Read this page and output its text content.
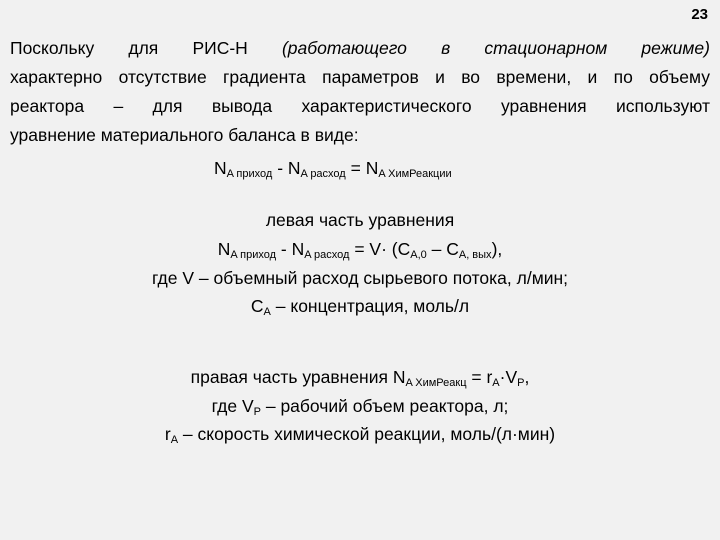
23
Поскольку для РИС-Н (работающего в стационарном режиме)
характерно отсутствие градиента параметров и во времени, и по объему
реактора – для вывода характеристического уравнения используют
уравнение материального баланса в виде:
$N_{A приход} - N_{A расход} = N_{A ХимРеакции}$
левая часть уравнения
$N_{A приход} - N_{A расход} = V\cdot (C_{A,0} - C_{A, вых})$,
где V – объемный расход сырьевого потока, л/мин;
$C_A$ – концентрация, моль/л
правая часть уравнения $N_{A ХимРеакц} = r_A\cdot V_P$,
где $V_P$ – рабочий объем реактора, л;
$r_A$ – скорость химической реакции, моль/(л·мин)
